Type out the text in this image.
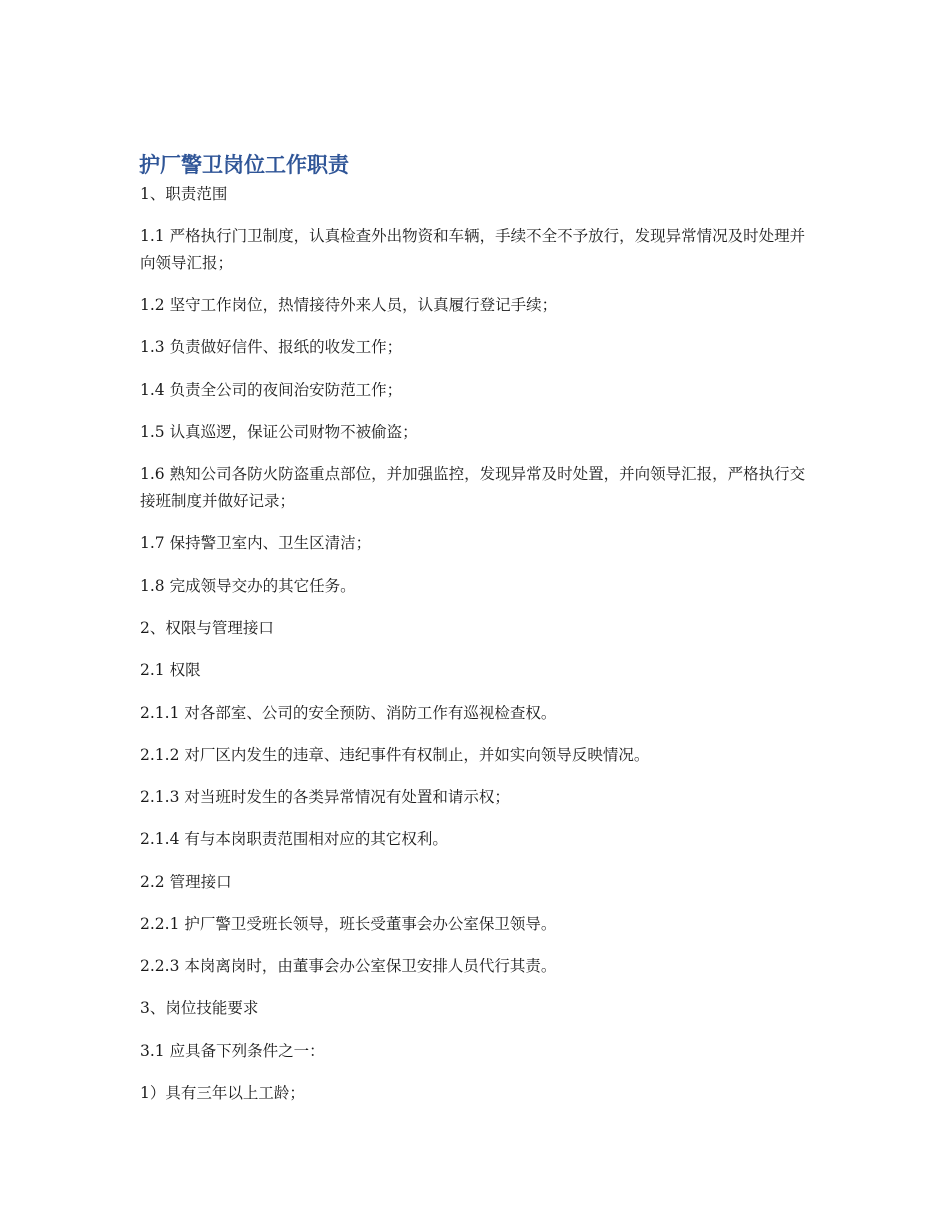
护厂警卫岗位工作职责

1、职责范围

1.1 严格执行门卫制度，认真检查外出物资和车辆，手续不全不予放行，发现异常情况及时处理并向领导汇报；

1.2 坚守工作岗位，热情接待外来人员，认真履行登记手续；

1.3 负责做好信件、报纸的收发工作；

1.4 负责全公司的夜间治安防范工作；

1.5 认真巡逻，保证公司财物不被偷盗；

1.6 熟知公司各防火防盗重点部位，并加强监控，发现异常及时处置，并向领导汇报，严格执行交接班制度并做好记录；

1.7 保持警卫室内、卫生区清洁；

1.8 完成领导交办的其它任务。

2、权限与管理接口

2.1 权限

2.1.1 对各部室、公司的安全预防、消防工作有巡视检查权。

2.1.2 对厂区内发生的违章、违纪事件有权制止，并如实向领导反映情况。

2.1.3 对当班时发生的各类异常情况有处置和请示权；

2.1.4 有与本岗职责范围相对应的其它权利。

2.2 管理接口

2.2.1 护厂警卫受班长领导，班长受董事会办公室保卫领导。

2.2.3 本岗离岗时，由董事会办公室保卫安排人员代行其责。

3、岗位技能要求

3.1 应具备下列条件之一：

1）具有三年以上工龄；
